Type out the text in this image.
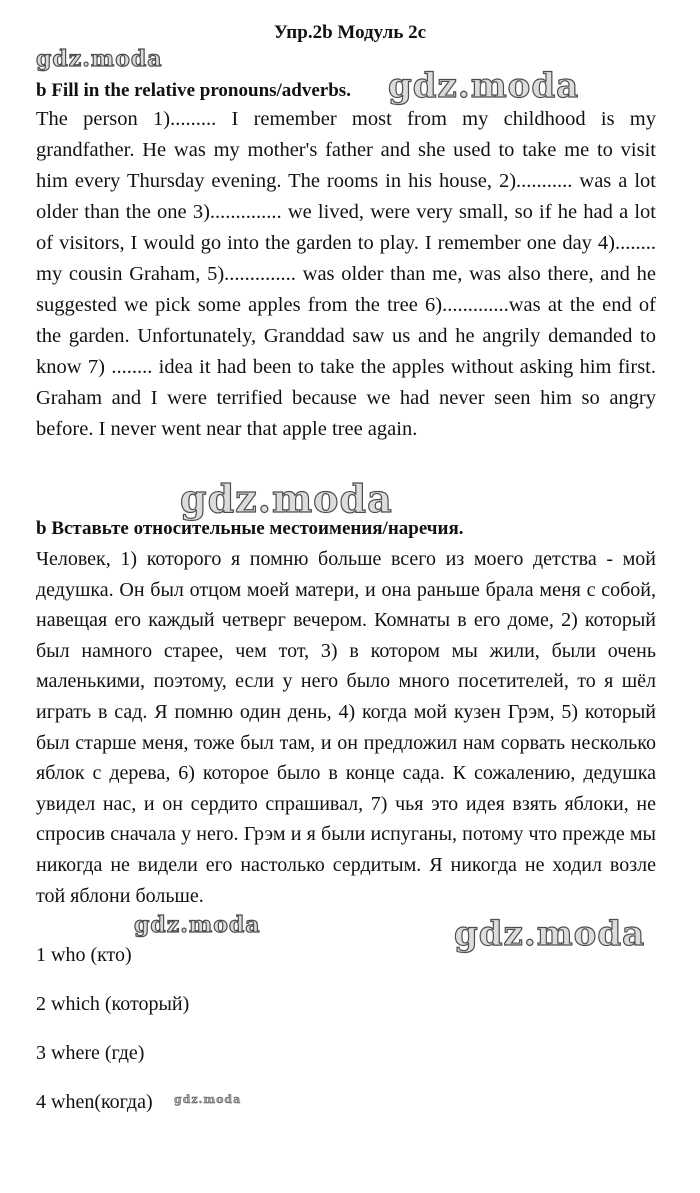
Упр.2b Модуль 2c
b Fill in the relative pronouns/adverbs.

The person 1)......... I remember most from my childhood is my grandfather. He was my mother's father and she used to take me to visit him every Thursday evening. The rooms in his house, 2)........... was a lot older than the one 3).............. we lived, were very small, so if he had a lot of visitors, I would go into the garden to play. I remember one day 4)........ my cousin Graham, 5).............. was older than me, was also there, and he suggested we pick some apples from the tree 6).............was at the end of the garden. Unfortunately, Granddad saw us and he angrily demanded to know 7) ........ idea it had been to take the apples without asking him first. Graham and I were terrified because we had never seen him so angry before. I never went near that apple tree again.

b Вставьте относительные местоимения/наречия.

Человек, 1) которого я помню больше всего из моего детства - мой дедушка. Он был отцом моей матери, и она раньше брала меня с собой, навещая его каждый четверг вечером. Комнаты в его доме, 2) который был намного старее, чем тот, 3) в котором мы жили, были очень маленькими, поэтому, если у него было много посетителей, то я шёл играть в сад. Я помню один день, 4) когда мой кузен Грэм, 5) который был старше меня, тоже был там, и он предложил нам сорвать несколько яблок с дерева, 6) которое было в конце сада. К сожалению, дедушка увидел нас, и он сердито спрашивал, 7) чья это идея взять яблоки, не спросив сначала у него. Грэм и я были испуганы, потому что прежде мы никогда не видели его настолько сердитым. Я никогда не ходил возле той яблони больше.

1 who (кто)
2 which (который)
3 where (где)
4 when(когда)
gdz.moda
gdz.moda
gdz.moda
gdz.moda	gdz.moda
gdz.moda
